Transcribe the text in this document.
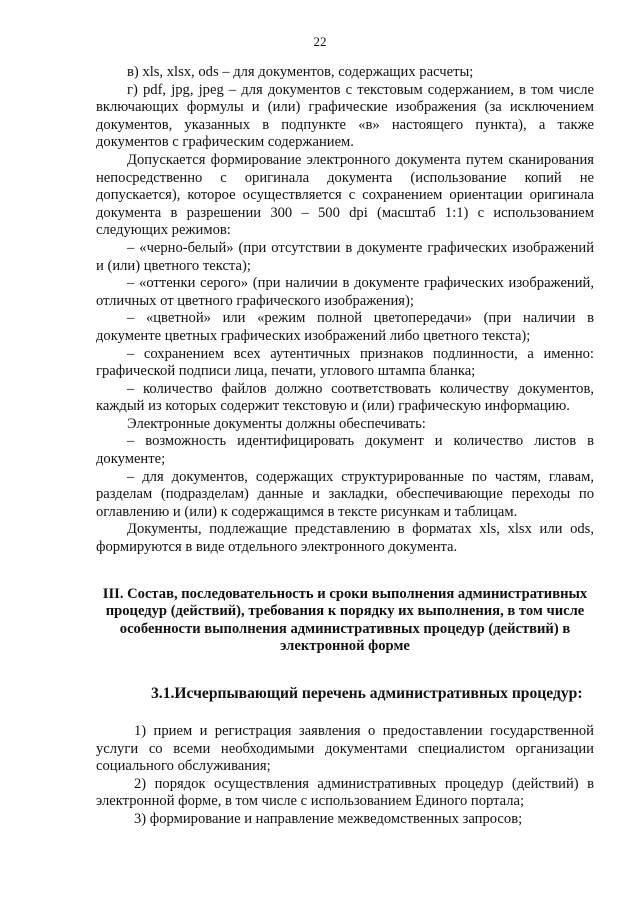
22

в) xls, xlsx, ods – для документов, содержащих расчеты;

г) pdf, jpg, jpeg – для документов с текстовым содержанием, в том числе включающих формулы и (или) графические изображения (за исключением документов, указанных в подпункте «в» настоящего пункта), а также документов с графическим содержанием.

Допускается формирование электронного документа путем сканирования непосредственно с оригинала документа (использование копий не допускается), которое осуществляется с сохранением ориентации оригинала документа в разрешении 300 – 500 dpi (масштаб 1:1) с использованием следующих режимов:

– «черно-белый» (при отсутствии в документе графических изображений и (или) цветного текста);

– «оттенки серого» (при наличии в документе графических изображений, отличных от цветного графического изображения);

– «цветной» или «режим полной цветопередачи» (при наличии в документе цветных графических изображений либо цветного текста);

– сохранением всех аутентичных признаков подлинности, а именно: графической подписи лица, печати, углового штампа бланка;

– количество файлов должно соответствовать количеству документов, каждый из которых содержит текстовую и (или) графическую информацию.

Электронные документы должны обеспечивать:

– возможность идентифицировать документ и количество листов в документе;

– для документов, содержащих структурированные по частям, главам, разделам (подразделам) данные и закладки, обеспечивающие переходы по оглавлению и (или) к содержащимся в тексте рисункам и таблицам.

Документы, подлежащие представлению в форматах xls, xlsx или ods, формируются в виде отдельного электронного документа.

III. Состав, последовательность и сроки выполнения административных процедур (действий), требования к порядку их выполнения, в том числе особенности выполнения административных процедур (действий) в электронной форме
3.1.Исчерпывающий перечень административных процедур:

1) прием и регистрация заявления о предоставлении государственной услуги со всеми необходимыми документами специалистом организации социального обслуживания;

2) порядок осуществления административных процедур (действий) в электронной форме, в том числе с использованием Единого портала;

3) формирование и направление межведомственных запросов;
